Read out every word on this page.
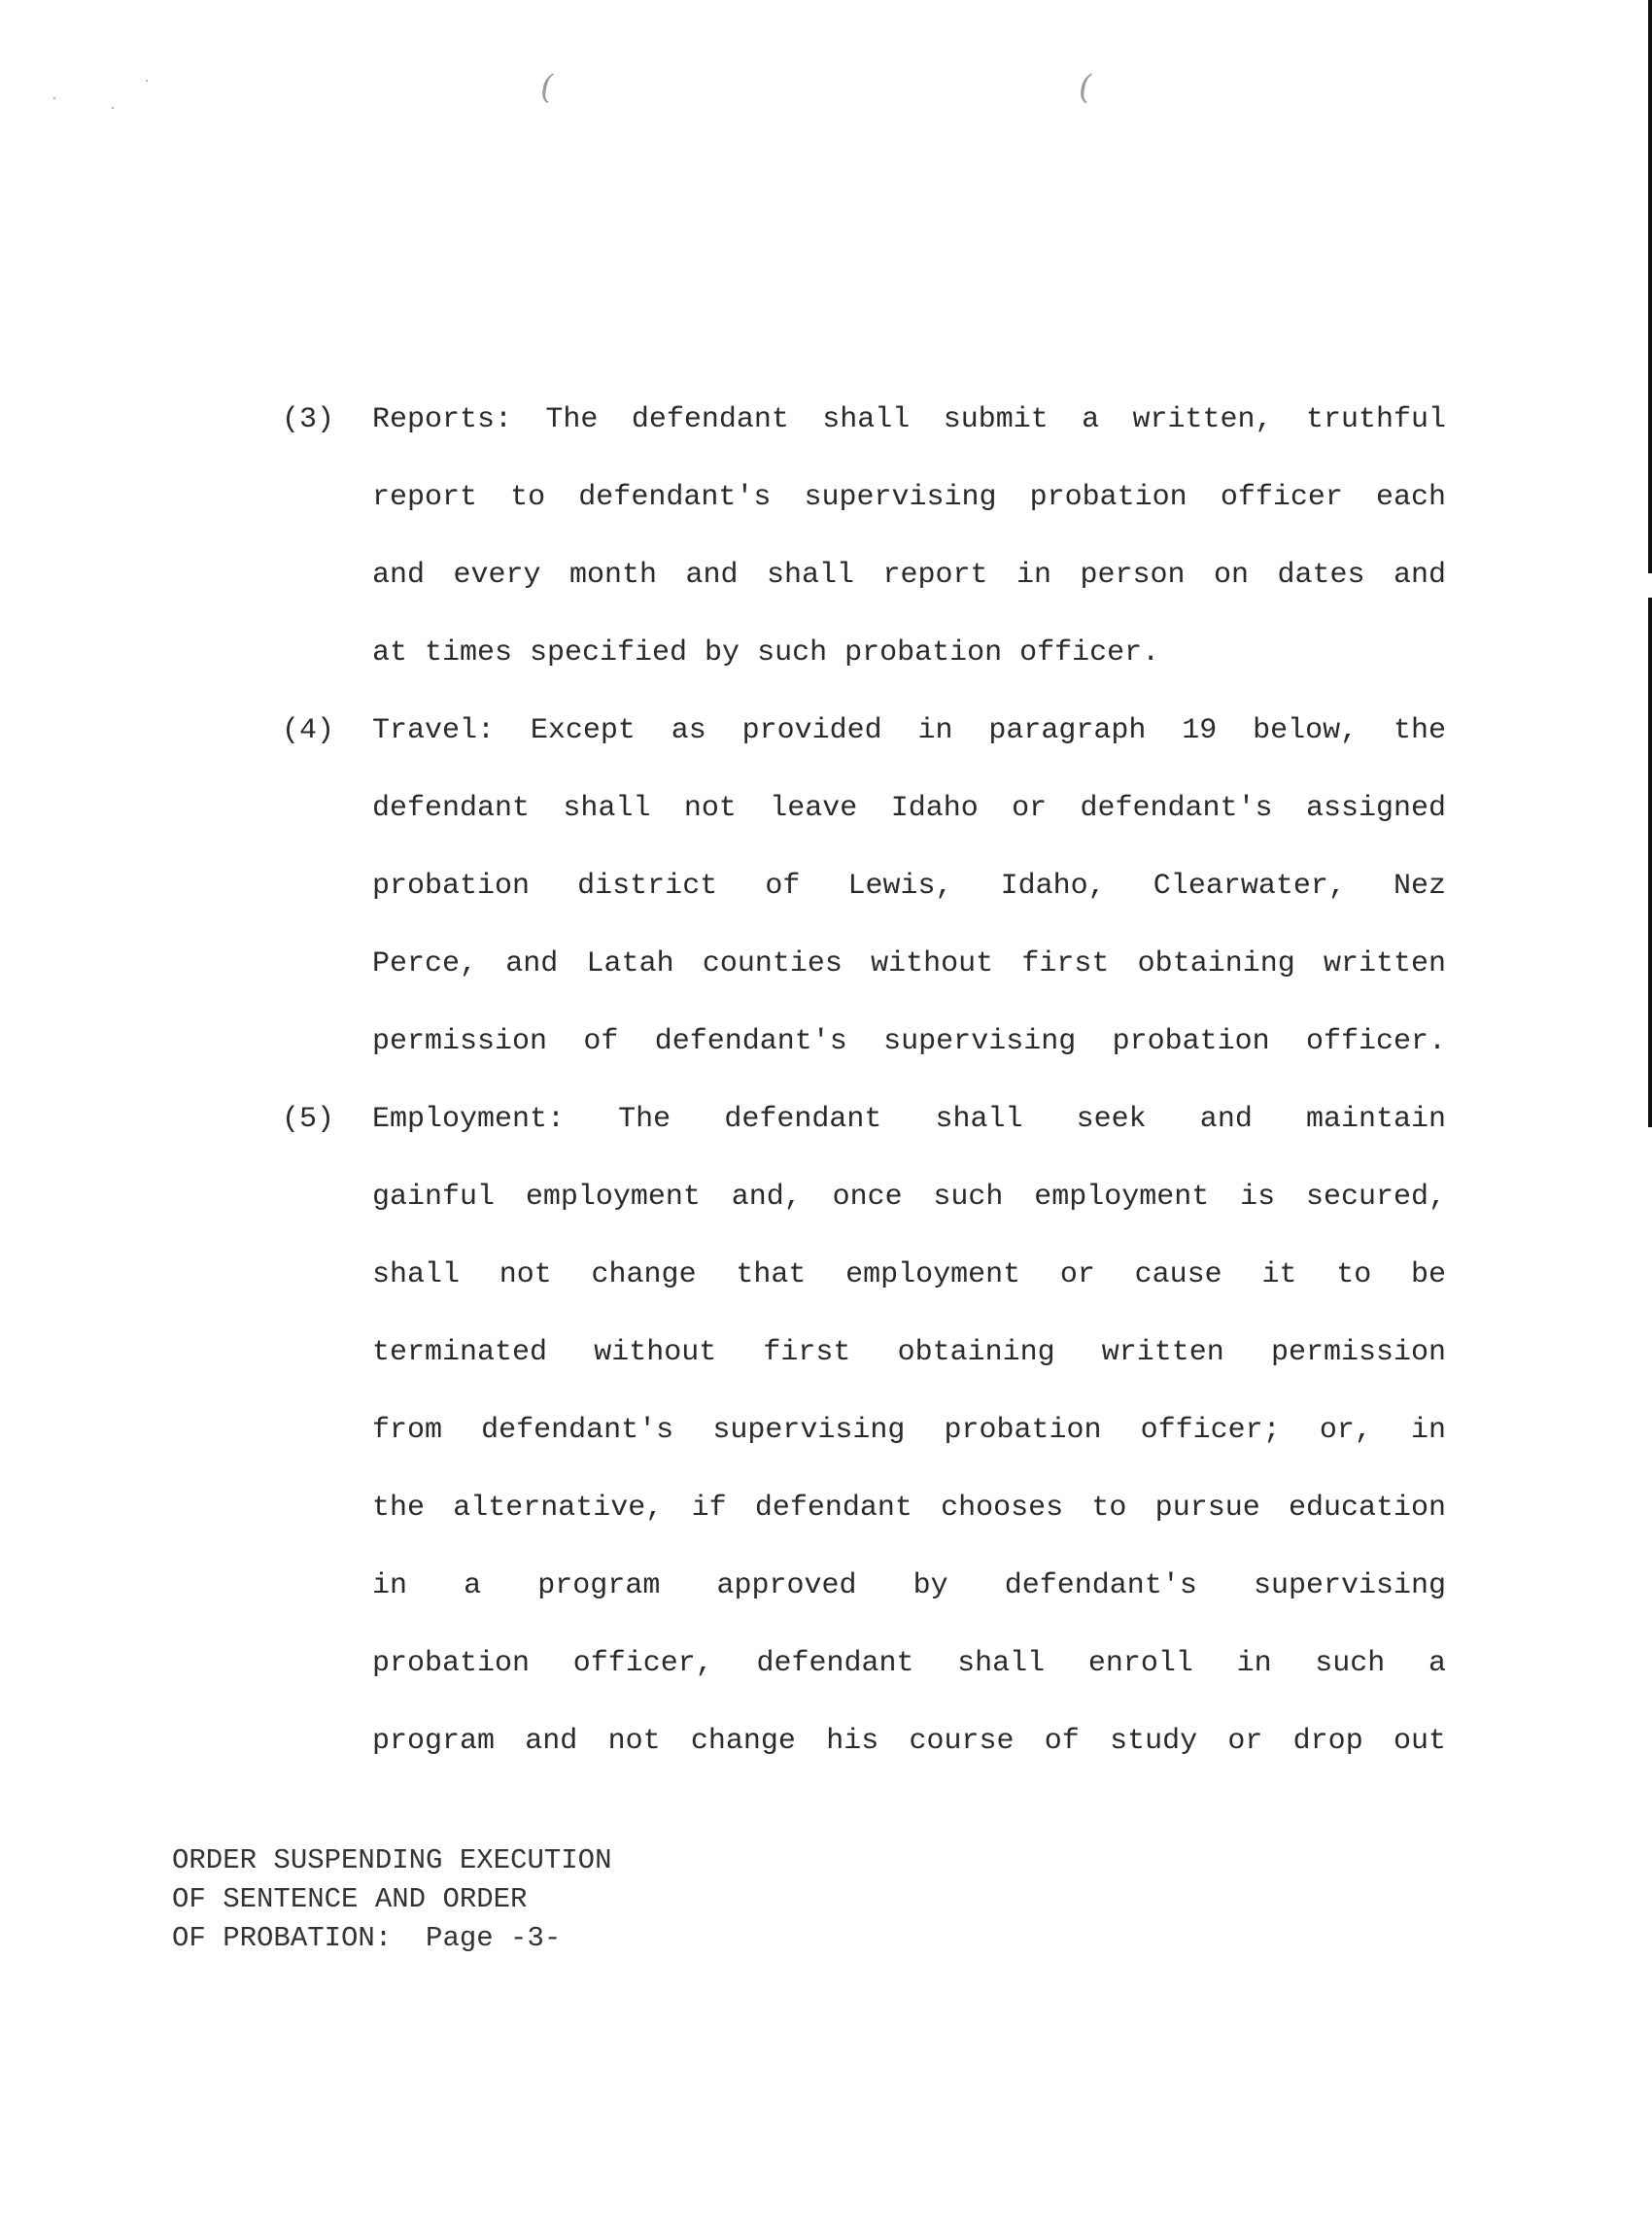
(	(
(3) Reports: The defendant shall submit a written, truthful
report to defendant's supervising probation officer each
and every month and shall report in person on dates and
at times specified by such probation officer.
(4) Travel: Except as provided in paragraph 19 below, the
defendant shall not leave Idaho or defendant's assigned
probation district of Lewis, Idaho, Clearwater, Nez
Perce, and Latah counties without first obtaining written
permission of defendant's supervising probation officer.
(5) Employment: The defendant shall seek and maintain
gainful employment and, once such employment is secured,
shall not change that employment or cause it to be
terminated without first obtaining written permission
from defendant's supervising probation officer; or, in
the alternative, if defendant chooses to pursue education
in a program approved by defendant's supervising
probation officer, defendant shall enroll in such a
program and not change his course of study or drop out
ORDER SUSPENDING EXECUTION
OF SENTENCE AND ORDER
OF PROBATION:  Page -3-
